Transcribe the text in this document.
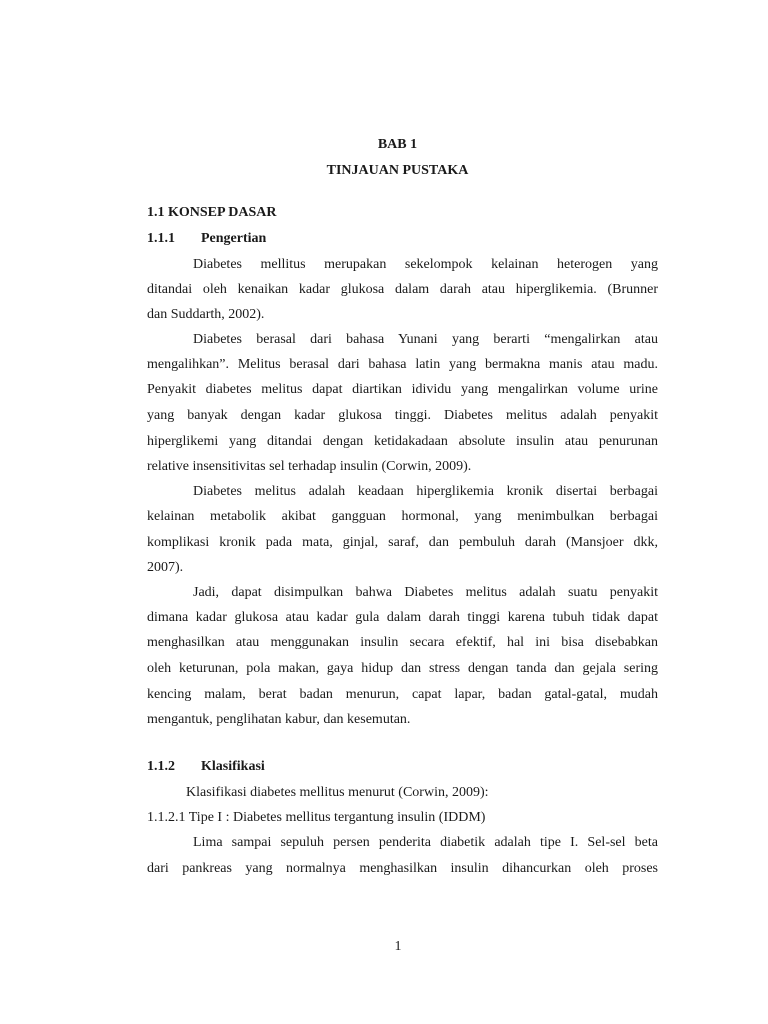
BAB 1
TINJAUAN PUSTAKA
1.1 KONSEP DASAR
1.1.1 Pengertian
Diabetes mellitus merupakan sekelompok kelainan heterogen yang
ditandai oleh kenaikan kadar glukosa dalam darah atau hiperglikemia. (Brunner
dan Suddarth, 2002).
Diabetes berasal dari bahasa Yunani yang berarti “mengalirkan atau
mengalihkan”. Melitus berasal dari bahasa latin yang bermakna manis atau madu.
Penyakit diabetes melitus dapat diartikan idividu yang mengalirkan volume urine
yang banyak dengan kadar glukosa tinggi. Diabetes melitus adalah penyakit
hiperglikemi yang ditandai dengan ketidakadaan absolute insulin atau penurunan
relative insensitivitas sel terhadap insulin (Corwin, 2009).
Diabetes melitus adalah keadaan hiperglikemia kronik disertai berbagai
kelainan metabolik akibat gangguan hormonal, yang menimbulkan berbagai
komplikasi kronik pada mata, ginjal, saraf, dan pembuluh darah (Mansjoer dkk,
2007).
Jadi, dapat disimpulkan bahwa Diabetes melitus adalah suatu penyakit
dimana kadar glukosa atau kadar gula dalam darah tinggi karena tubuh tidak dapat
menghasilkan atau menggunakan insulin secara efektif, hal ini bisa disebabkan
oleh keturunan, pola makan, gaya hidup dan stress dengan tanda dan gejala sering
kencing malam, berat badan menurun, capat lapar, badan gatal-gatal, mudah
mengantuk, penglihatan kabur, dan kesemutan.
1.1.2 Klasifikasi
Klasifikasi diabetes mellitus menurut (Corwin, 2009):
1.1.2.1 Tipe I : Diabetes mellitus tergantung insulin (IDDM)
Lima sampai sepuluh persen penderita diabetik adalah tipe I. Sel-sel beta
dari pankreas yang normalnya menghasilkan insulin dihancurkan oleh proses
1
